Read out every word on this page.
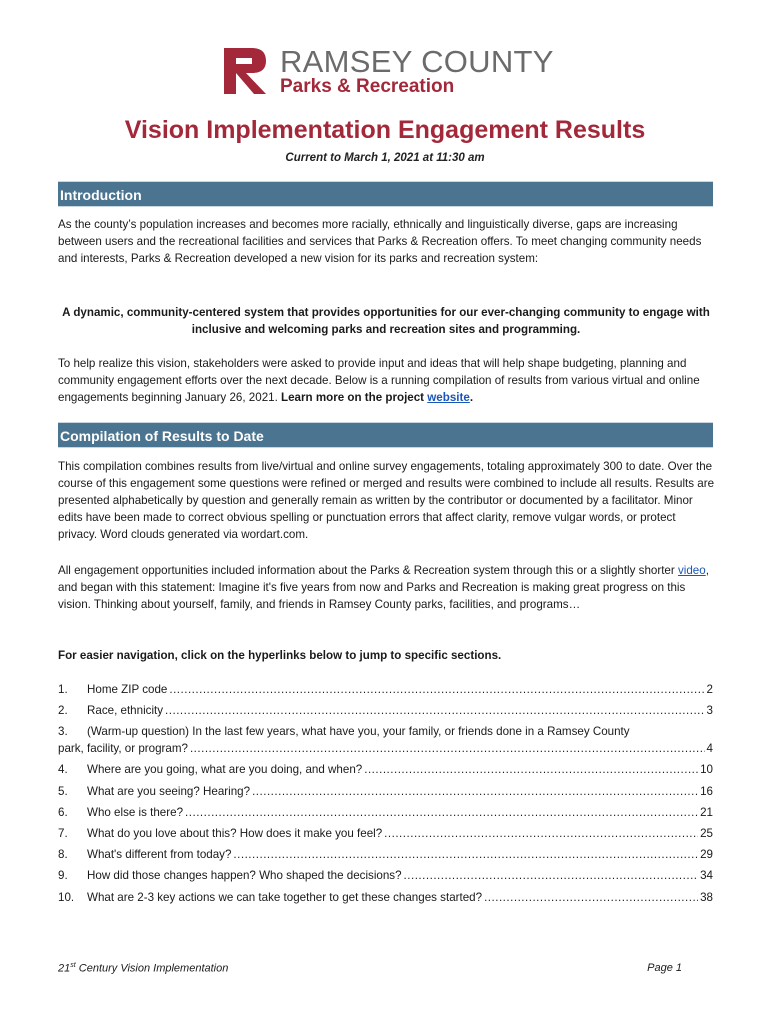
RAMSEY COUNTY
Parks & Recreation
Vision Implementation Engagement Results
Current to March 1, 2021 at 11:30 am
Introduction

As the county’s population increases and becomes more racially, ethnically and linguistically diverse, gaps are increasing between users and the recreational facilities and services that Parks & Recreation offers. To meet changing community needs and interests, Parks & Recreation developed a new vision for its parks and recreation system:

A dynamic, community-centered system that provides opportunities for our ever-changing community to engage with inclusive and welcoming parks and recreation sites and programming.

To help realize this vision, stakeholders were asked to provide input and ideas that will help shape budgeting, planning and community engagement efforts over the next decade. Below is a running compilation of results from various virtual and online engagements beginning January 26, 2021. Learn more on the project website.

Compilation of Results to Date

This compilation combines results from live/virtual and online survey engagements, totaling approximately 300 to date. Over the course of this engagement some questions were refined or merged and results were combined to include all results. Results are presented alphabetically by question and generally remain as written by the contributor or documented by a facilitator. Minor edits have been made to correct obvious spelling or punctuation errors that affect clarity, remove vulgar words, or protect privacy. Word clouds generated via wordart.com.

All engagement opportunities included information about the Parks & Recreation system through this or a slightly shorter video, and began with this statement: Imagine it's five years from now and Parks and Recreation is making great progress on this vision. Thinking about yourself, family, and friends in Ramsey County parks, facilities, and programs…

For easier navigation, click on the hyperlinks below to jump to specific sections.
1.	Home ZIP code .....	2
2.	Race, ethnicity .....	3
3.	(Warm-up question) In the last few years, what have you, your family, or friends done in a Ramsey County
park, facility, or program? .....	4
4.	Where are you going, what are you doing, and when? .....	10
5.	What are you seeing? Hearing? .....	16
6.	Who else is there? .....	21
7.	What do you love about this? How does it make you feel? .....	25
8.	What's different from today? .....	29
9.	How did those changes happen? Who shaped the decisions? .....	34
10.	What are 2-3 key actions we can take together to get these changes started? .....	38
21st Century Vision Implementation	Page 1
